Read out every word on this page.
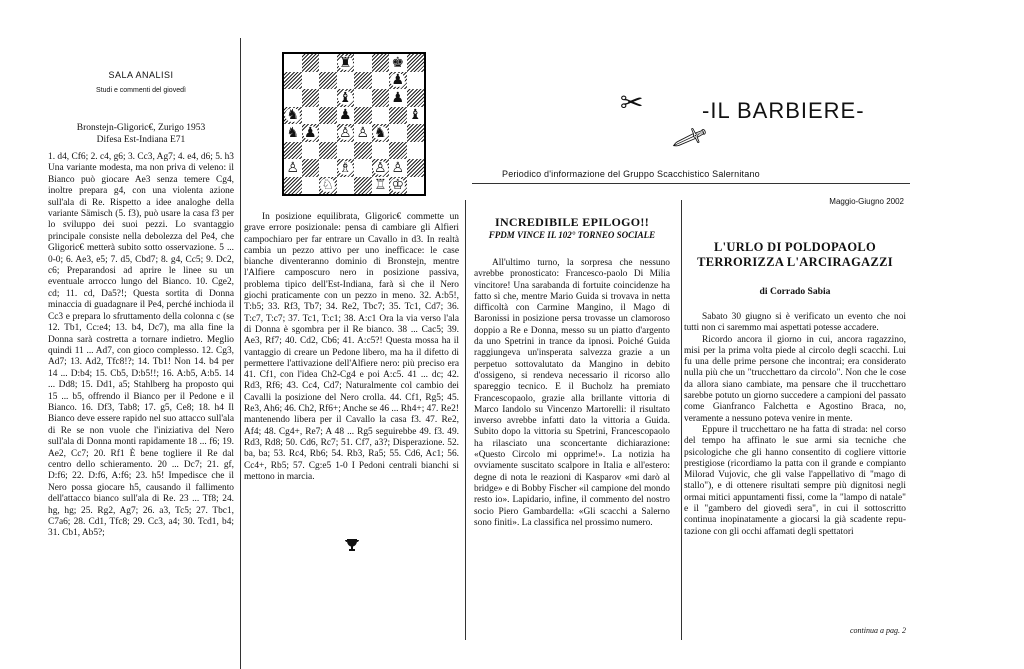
SALA ANALISI
Studi e commenti del giovedì
Bronstejn-Gligoric€, Zurigo 1953
Difesa Est-Indiana E71

1. d4, Cf6; 2. c4, g6; 3. Cc3, Ag7; 4. e4, d6; 5. h3 Una variante modesta, ma non priva di veleno: il Bianco può giocare Ae3 senza temere Cg4, inoltre prepara g4, con una violenta azione sull'ala di Re. Rispetto a idee analoghe della variante Sämisch (5. f3), può usare la casa f3 per lo sviluppo dei suoi pezzi. Lo svantaggio principale consiste nella debolezza del Pe4, che Gligoric€ metterà subito sotto osservazione. 5 ... 0-0; 6. Ae3, e5; 7. d5, Cbd7; 8. g4, Cc5; 9. Dc2, c6; Preparandosi ad aprire le linee su un eventuale arrocco lungo del Bianco. 10. Cge2, cd; 11. cd, Da5?!; Questa sortita di Donna minaccia di guadagnare il Pe4, perché inchioda il Cc3 e prepara lo sfruttamento della colonna c (se 12. Tb1, Cc:e4; 13. b4, Dc7), ma alla fine la Donna sarà costretta a tornare indietro. Meglio quindi 11 ... Ad7, con gioco complesso. 12. Cg3, Ad7; 13. Ad2, Tfc8!?; 14. Tb1! Non 14. b4 per 14 ... D:b4; 15. Cb5, D:b5!!; 16. A:b5, A:b5. 14 ... Dd8; 15. Dd1, a5; Stahlberg ha proposto qui 15 ... b5, offrendo il Bianco per il Pedone e il Bianco. 16. Df3, Tab8; 17. g5, Ce8; 18. h4 Il Bianco deve essere rapido nel suo attacco sull'ala di Re se non vuole che l'iniziativa del Nero sull'ala di Donna monti rapidamente 18 ... f6; 19. Ae2, Cc7; 20. Rf1 È bene togliere il Re dal centro dello schieramento. 20 ... Dc7; 21. gf, D:f6; 22. D:f6, A:f6; 23. h5! Impedisce che il Nero possa giocare h5, causando il fallimento dell'attacco bianco sull'ala di Re. 23 ... Tf8; 24. hg, hg; 25. Rg2, Ag7; 26. a3, Tc5; 27. Tbc1, C7a6; 28. Cd1, Tfc8; 29. Cc3, a4; 30. Tcd1, b4; 31. Cb1, Ab5?;

♜	♚
♟
♝	♟
♞	♟	♝
♞ ♟ ♙ ♙ ♞
♙	♗ ♙ ♙
♘	♖ ♔

In posizione equilibrata, Gligoric€ commette un grave errore posizionale: pensa di cambiare gli Alfieri campochiaro per far entrare un Cavallo in d3. In realtà cambia un pezzo attivo per uno inefficace: le case bianche diventeranno dominio di Bronstejn, mentre l'Alfiere camposcuro nero in posizione passiva, problema tipico dell'Est-Indiana, farà sì che il Nero giochi praticamente con un pezzo in meno. 32. A:b5!, T:b5; 33. Rf3, Tb7; 34. Re2, Tbc7; 35. Tc1, Cd7; 36. T:c7, T:c7; 37. Tc1, T:c1; 38. A:c1 Ora la via verso l'ala di Donna è sgombra per il Re bianco. 38 ... Cac5; 39. Ae3, Rf7; 40. Cd2, Cb6; 41. A:c5?! Questa mossa ha il vantaggio di creare un Pedone libero, ma ha il difetto di permettere l'attivazione dell'Alfiere nero: più preciso era 41. Cf1, con l'idea Ch2-Cg4 e poi A:c5. 41 ... dc; 42. Rd3, Rf6; 43. Cc4, Cd7; Naturalmente col cambio dei Cavalli la posizione del Nero crolla. 44. Cf1, Rg5; 45. Re3, Ah6; 46. Ch2, Rf6+; Anche se 46 ... Rh4+; 47. Re2! mantenendo libera per il Cavallo la casa f3. 47. Re2, Af4; 48. Cg4+, Re7; A 48 ... Rg5 seguirebbe 49. f3. 49. Rd3, Rd8; 50. Cd6, Rc7; 51. Cf7, a3?; Disperazione. 52. ba, ba; 53. Rc4, Rb6; 54. Rb3, Ra5; 55. Cd6, Ac1; 56. Cc4+, Rb5; 57. Cg:e5 1-0 I Pedoni centrali bianchi si mettono in marcia.

✂
🗡
Periodico d'informazione del Gruppo Scacchistico Salernitano
INCREDIBILE EPILOGO!!
FPDM VINCE IL 102° TORNEO SOCIALE

All'ultimo turno, la sorpresa che nessuno avrebbe pronosticato: Francesco-paolo Di Milia vincitore! Una sarabanda di fortuite coincidenze ha fatto sì che, mentre Mario Guida si trovava in netta difficoltà con Carmine Mangino, il Mago di Baronissi in posizione persa trovasse un clamoroso doppio a Re e Donna, messo su un piatto d'argento da uno Spetrini in trance da ipnosi. Poiché Guida raggiungeva un'insperata salvezza grazie a un perpetuo sottovalutato da Mangino in debito d'ossigeno, si rendeva necessario il ricorso allo spareggio tecnico. E il Bucholz ha premiato Francescopaolo, grazie alla brillante vittoria di Marco Iandolo su Vincenzo Martorelli: il risultato inverso avrebbe infatti dato la vittoria a Guida. Subito dopo la vittoria su Spetrini, Francescopaolo ha rilasciato una sconcertante dichiarazione: «Questo Circolo mi opprime!». La notizia ha ovviamente suscitato scalpore in Italia e all'estero: degne di nota le reazioni di Kasparov «mi darò al bridge» e di Bobby Fischer «il campione del mondo resto io». Lapidario, infine, il commento del nostro socio Piero Gambardella: «Gli scacchi a Salerno sono finiti». La classifica nel prossimo numero.

-IL BARBIERE-
Maggio-Giugno 2002
L'URLO DI POLDOPAOLO TERRORIZZA L'ARCIRAGAZZI
di Corrado Sabia

Sabato 30 giugno si è verificato un evento che noi tutti non ci saremmo mai aspettati potesse accadere.

Ricordo ancora il giorno in cui, ancora ragazzino, misi per la prima volta piede al circolo degli scacchi. Lui fu una delle prime persone che incontrai; era considerato nulla più che un "trucchettaro da circolo". Non che le cose da allora siano cambiate, ma pensare che il trucchettaro sarebbe potuto un giorno succedere a campioni del passato come Gianfranco Falchetta e Agostino Braca, no, veramente a nessuno poteva venire in mente.

Eppure il trucchettaro ne ha fatta di strada: nel corso del tempo ha affinato le sue armi sia tecniche che psicologiche che gli hanno consentito di cogliere vittorie prestigiose (ricordiamo la patta con il grande e compianto Milorad Vujovic, che gli valse l'appellativo di "mago di stallo"), e di ottenere risultati sempre più dignitosi negli ormai mitici appuntamenti fissi, come la "lampo di natale" e il "gambero del giovedì sera", in cui il sottoscritto continua inopinatamente a giocarsi la già scadente repu-tazione con gli occhi affamati degli spettatori

continua a pag. 2
